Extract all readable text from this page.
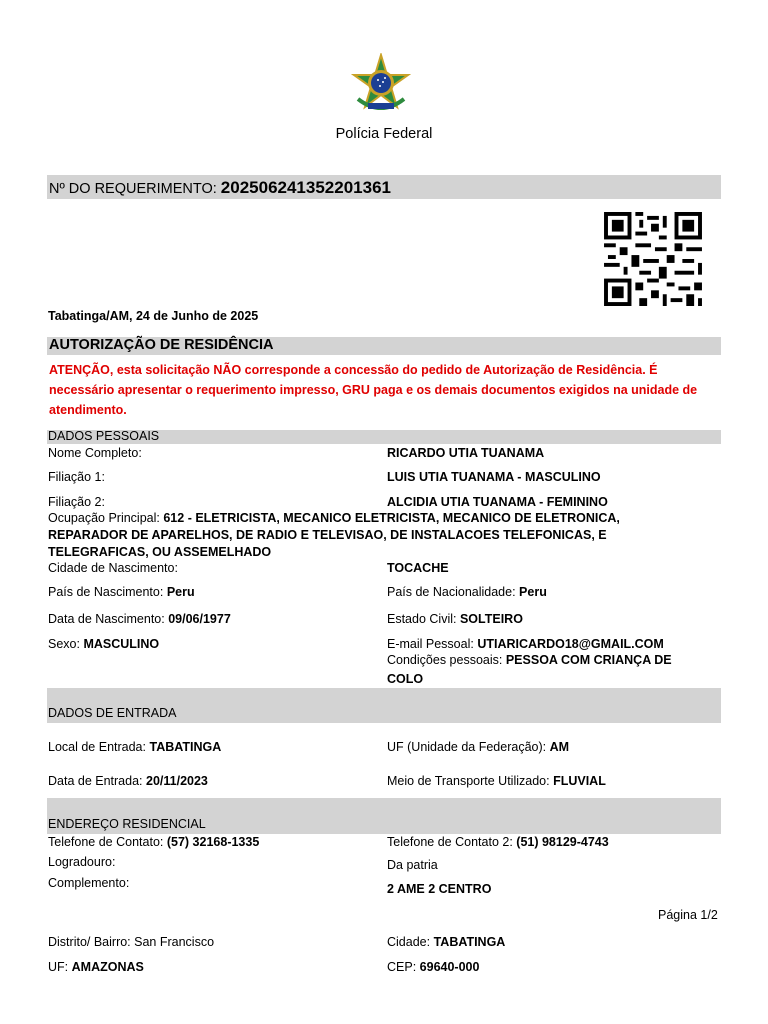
Polícia Federal
Nº DO REQUERIMENTO: 202506241352201361
Tabatinga/AM, 24 de Junho de 2025
AUTORIZAÇÃO DE RESIDÊNCIA
ATENÇÃO, esta solicitação NÃO corresponde a concessão do pedido de Autorização de Residência. É necessário apresentar o requerimento impresso, GRU paga e os demais documentos exigidos na unidade de atendimento.
DADOS PESSOAIS
Nome Completo:	RICARDO UTIA TUANAMA
Filiação 1:	LUIS UTIA TUANAMA - MASCULINO
Filiação 2:	ALCIDIA UTIA TUANAMA - FEMININO
Ocupação Principal: 612 - ELETRICISTA, MECANICO ELETRICISTA, MECANICO DE ELETRONICA, REPARADOR DE APARELHOS, DE RADIO E TELEVISAO, DE INSTALACOES TELEFONICAS, E TELEGRAFICAS, OU ASSEMELHADO
Cidade de Nascimento:	TOCACHE
País de Nascimento: Peru	País de Nacionalidade: Peru
Data de Nascimento: 09/06/1977	Estado Civil: SOLTEIRO
Sexo: MASCULINO	E-mail Pessoal: UTIARICARDO18@GMAIL.COM
Condições pessoais: PESSOA COM CRIANÇA DE
COLO
DADOS DE ENTRADA
Local de Entrada: TABATINGA	UF (Unidade da Federação): AM
Data de Entrada: 20/11/2023	Meio de Transporte Utilizado: FLUVIAL
ENDEREÇO RESIDENCIAL
Telefone de Contato: (57) 32168-1335	Telefone de Contato 2: (51) 98129-4743
Logradouro:	Da patria
Complemento:	2 AME 2 CENTRO
Página 1/2
Distrito/ Bairro: San Francisco	Cidade: TABATINGA
UF: AMAZONAS	CEP: 69640-000
